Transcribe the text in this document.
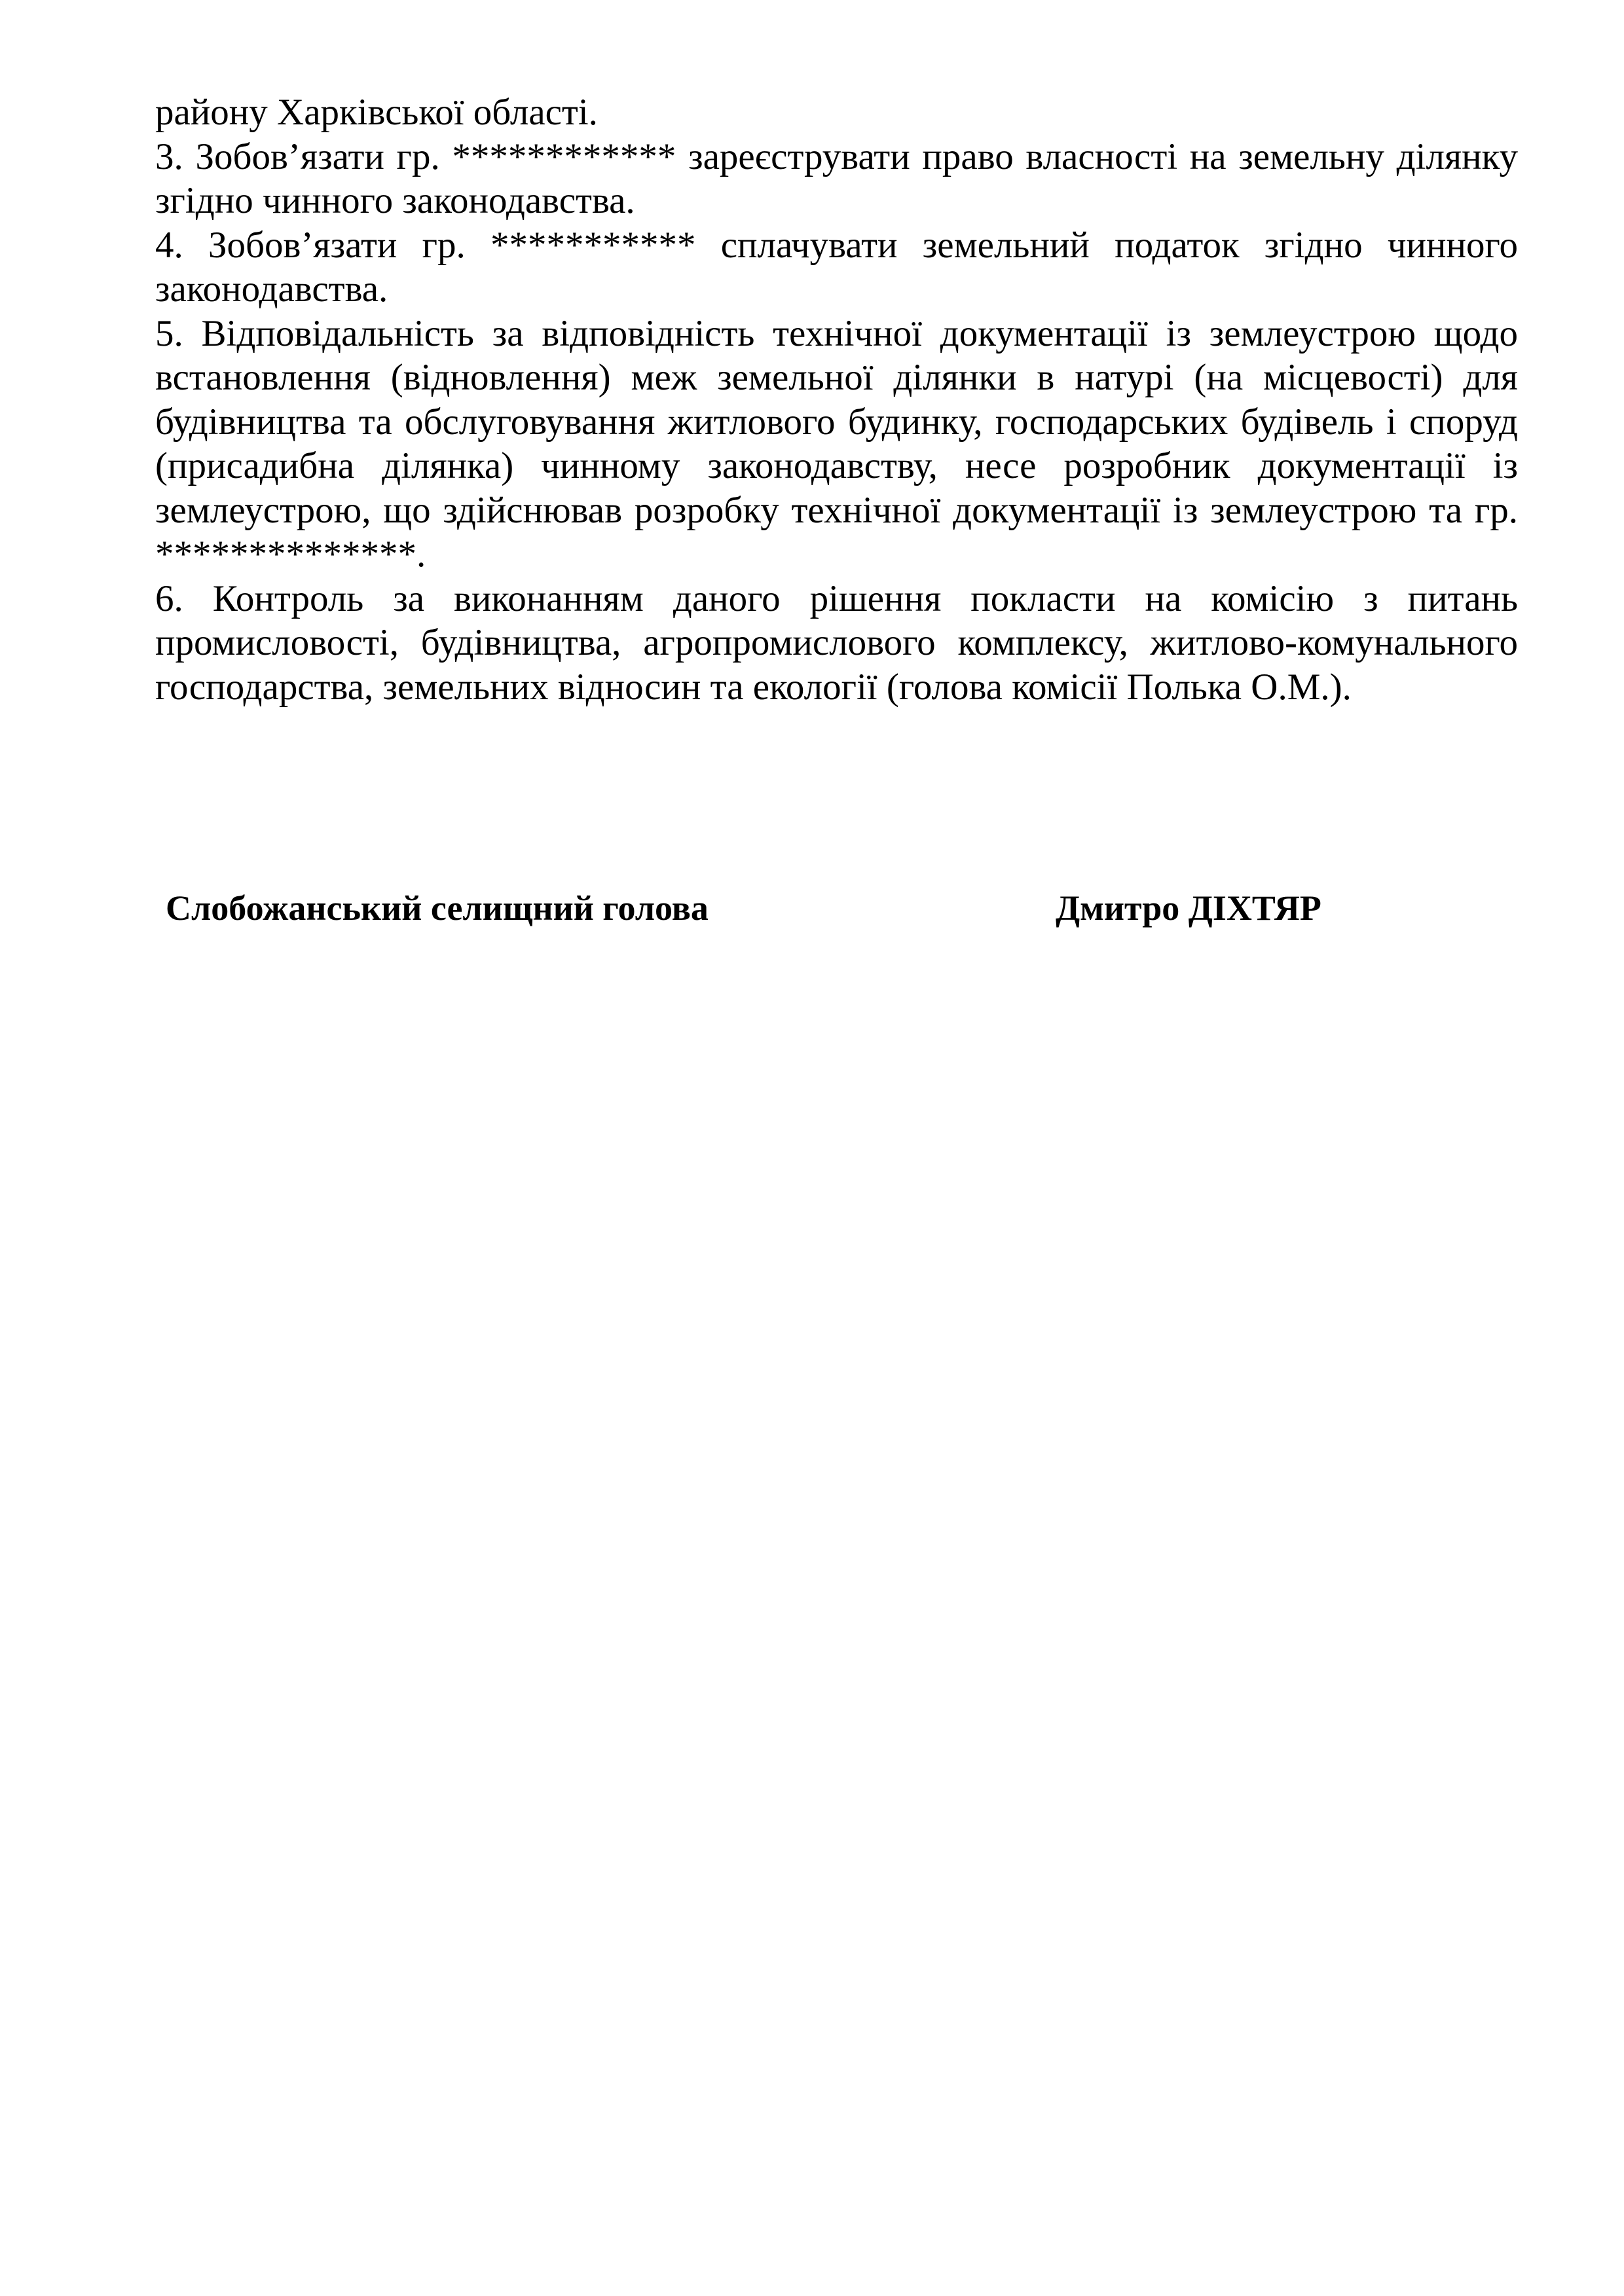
району Харківської області.

3. Зобов’язати гр. ************ зареєструвати право власності на земельну ділянку згідно чинного законодавства.

4. Зобов’язати гр. *********** сплачувати земельний податок згідно чинного законодавства.

5. Відповідальність за відповідність технічної документації із землеустрою щодо встановлення (відновлення) меж земельної ділянки в натурі (на місцевості) для будівництва та обслуговування житлового будинку, господарських будівель і споруд (присадибна ділянка) чинному законодавству, несе розробник документації із землеустрою, що здійснював розробку технічної документації із землеустрою та гр. **************.

6. Контроль за виконанням даного рішення покласти на комісію з питань промисловості, будівництва, агропромислового комплексу, житлово-комунального господарства, земельних відносин та екології (голова комісії Полька О.М.).

Слобожанський селищний голова	Дмитро ДІХТЯР
